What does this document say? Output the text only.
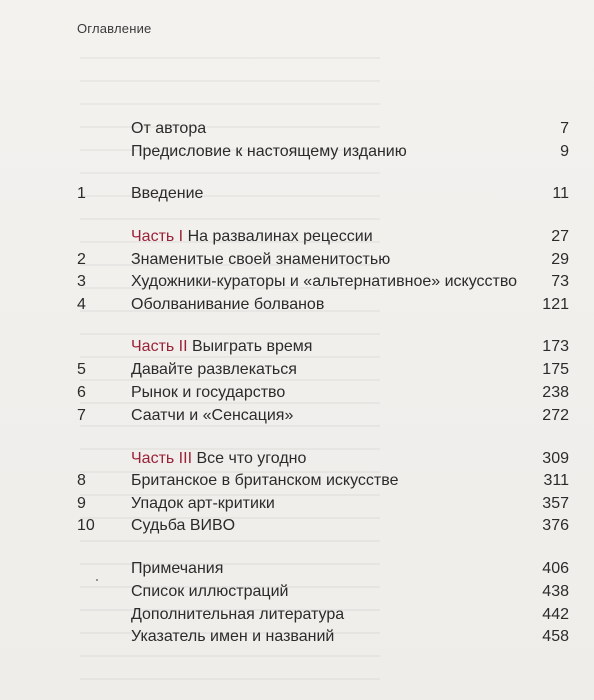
Оглавление
От автора	7
Предисловие к настоящему изданию	9
1	Введение	11
Часть I На развалинах рецессии	27
2	Знаменитые своей знаменитостью	29
3	Художники-кураторы и «альтернативное» искусство 73
4	Оболванивание болванов	121
Часть II Выиграть время	173
5	Давайте развлекаться	175
6	Рынок и государство	238
7	Саатчи и «Сенсация»	272
Часть III Все что угодно	309
8	Британское в британском искусстве	311
9	Упадок арт-критики	357
10 Судьба BИBO	376
Примечания	406
Список иллюстраций	438
Дополнительная литература	442
Указатель имен и названий	458
